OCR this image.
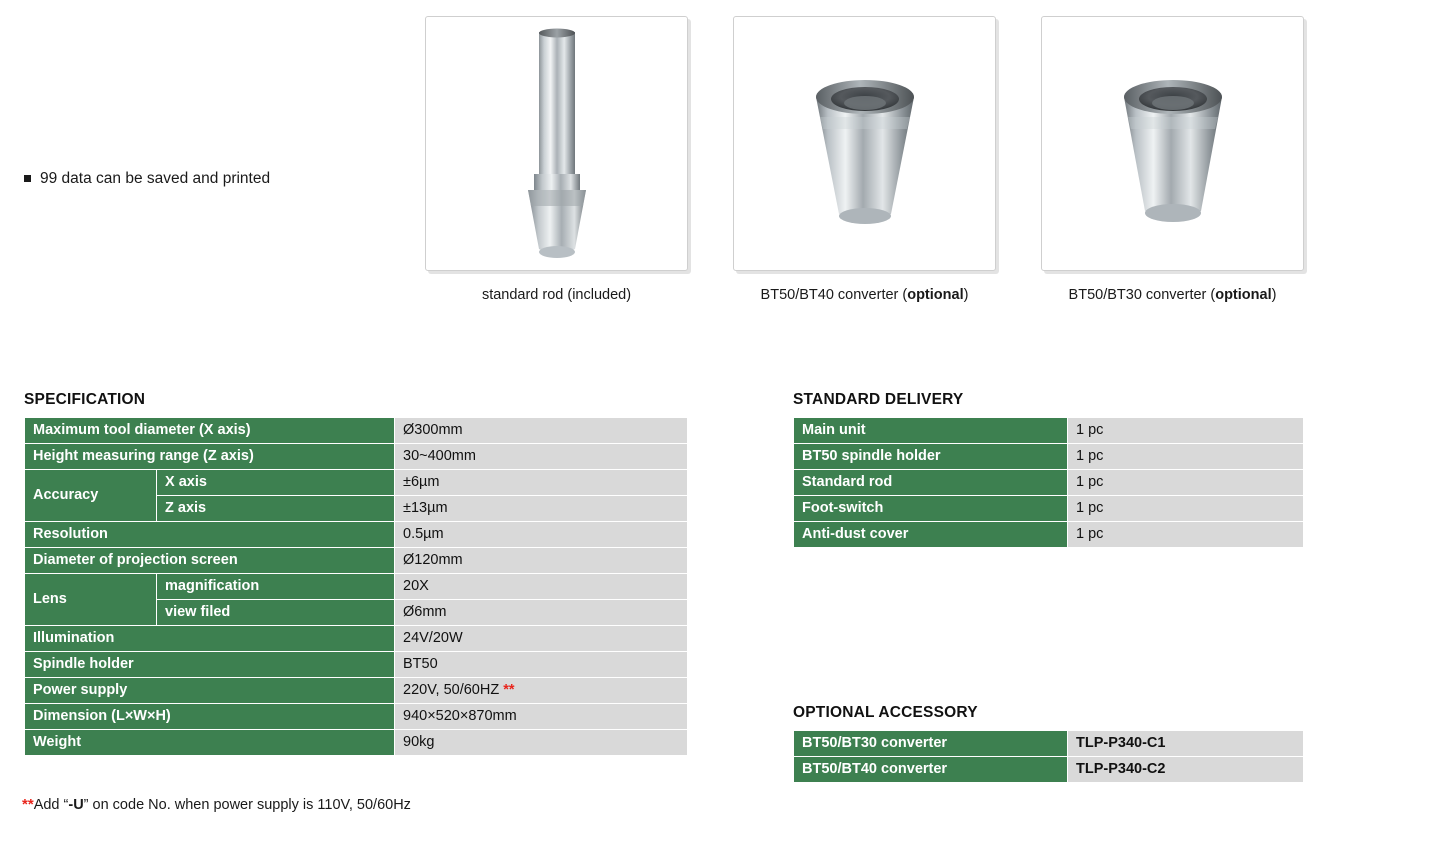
99 data can be saved and printed
standard rod (included)	BT50/BT40 converter (optional)	BT50/BT30 converter (optional)
SPECIFICATION	STANDARD DELIVERY
OPTIONAL ACCESSORY
Maximum tool diameter (X axis)		Ø300mm
Height measuring range (Z axis)		30~400mm
Accuracy	X axis	±6µm
	Z axis	±13µm
Resolution		0.5µm
Diameter of projection screen		Ø120mm
Lens	magnification	20X
	view filed	Ø6mm
Illumination		24V/20W
Spindle holder		BT50
Power supply		220V, 50/60HZ **
Dimension (L×W×H)		940×520×870mm
Weight		90kg
Main unit	1 pc
BT50 spindle holder	1 pc
Standard rod	1 pc
Foot-switch	1 pc
Anti-dust cover	1 pc
BT50/BT30 converter	TLP-P340-C1
BT50/BT40 converter	TLP-P340-C2
**Add “-U” on code No. when power supply is 110V, 50/60Hz
